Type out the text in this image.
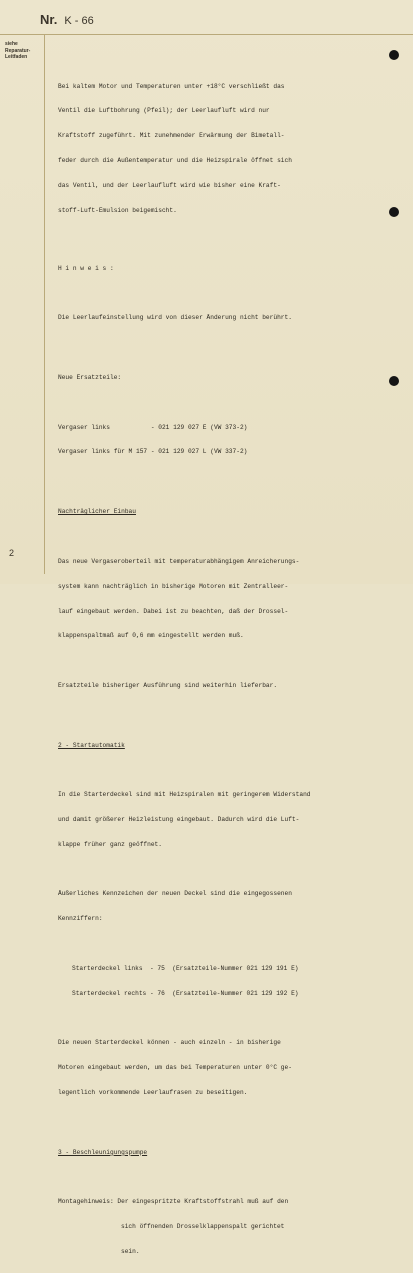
Nr. K - 66
siehe
Reparatur-
Leitfaden
2

Bei kaltem Motor und Temperaturen unter +18°C verschließt das

Ventil die Luftbohrung (Pfeil); der Leerlaufluft wird nur

Kraftstoff zugeführt. Mit zunehmender Erwärmung der Bimetall-

feder durch die Außentemperatur und die Heizspirale öffnet sich

das Ventil, und der Leerlaufluft wird wie bisher eine Kraft-

stoff-Luft-Emulsion beigemischt.

H i n w e i s :

Die Leerlaufeinstellung wird von dieser Änderung nicht berührt.

Neue Ersatzteile:

Vergaser links           - 021 129 027 E (VW 373-2)

Vergaser links für M 157 - 021 129 027 L (VW 337-2)

Nachträglicher Einbau

Das neue Vergaseroberteil mit temperaturabhängigem Anreicherungs-

system kann nachträglich in bisherige Motoren mit Zentralleer-

lauf eingebaut werden. Dabei ist zu beachten, daß der Drossel-

klappenspaltmaß auf 0,6 mm eingestellt werden muß.

Ersatzteile bisheriger Ausführung sind weiterhin lieferbar.

2 - Startautomatik

In die Starterdeckel sind mit Heizspiralen mit geringerem Widerstand

und damit größerer Heizleistung eingebaut. Dadurch wird die Luft-

klappe früher ganz geöffnet.

Äußerliches Kennzeichen der neuen Deckel sind die eingegossenen

Kennziffern:

Starterdeckel links  - 75  (Ersatzteile-Nummer 021 129 191 E)

Starterdeckel rechts - 76  (Ersatzteile-Nummer 021 129 192 E)

Die neuen Starterdeckel können - auch einzeln - in bisherige

Motoren eingebaut werden, um das bei Temperaturen unter 0°C ge-

legentlich vorkommende Leerlaufrasen zu beseitigen.

3 - Beschleunigungspumpe

Montagehinweis: Der eingespritzte Kraftstoffstrahl muß auf den

sich öffnenden Drosselklappenspalt gerichtet

sein.
